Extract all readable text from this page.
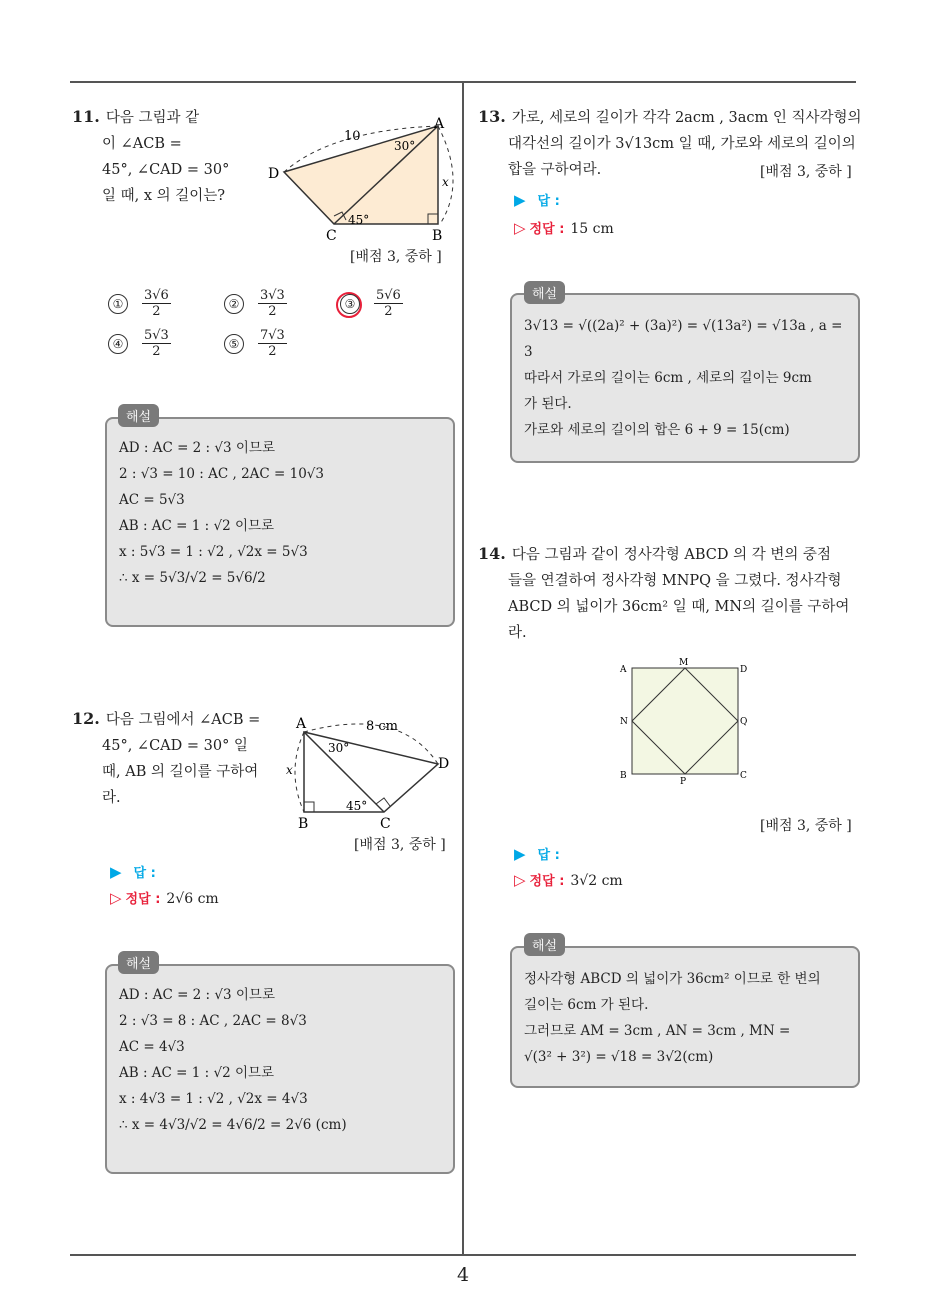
4
11. 다음 그림과 같
이 ∠ACB =
45°, ∠CAD = 30°
일 때, x 의 길이는?
A
B
C
D
10
x
30°
45°
[배점 3, 중하 ]
① $\frac{3√6}{2}$	② $\frac{3√3}{2}$	③ $\frac{5√6}{2}$
④ $\frac{5√3}{2}$	⑤ $\frac{7√3}{2}$
AD : AC = 2 : √3 이므로
2 : √3 = 10 : AC , 2AC = 10√3
AC = 5√3
AB : AC = 1 : √2 이므로
x : 5√3 = 1 : √2 , √2x = 5√3
∴ x = 5√3/√2 = 5√6/2
해설
12. 다음 그림에서 ∠ACB =
45°, ∠CAD = 30° 일
때, AB 의 길이를 구하여
라.
A
B	C
D
8 cm
x
30°
45°
[배점 3, 중하 ]
▶ 답 :
▷ 정답 : 2√6 cm
AD : AC = 2 : √3 이므로
2 : √3 = 8 : AC , 2AC = 8√3
AC = 4√3
AB : AC = 1 : √2 이므로
x : 4√3 = 1 : √2 , √2x = 4√3
∴ x = 4√3/√2 = 4√6/2 = 2√6 (cm)
해설
13. 가로, 세로의 길이가 각각 2acm , 3acm 인 직사각형의
대각선의 길이가 3√13cm 일 때, 가로와 세로의 길이의
합을 구하여라.	[배점 3, 중하 ]
▶ 답 :
▷ 정답 : 15 cm
3√13 = √((2a)² + (3a)²) = √(13a²) = √13a , a =
3
따라서 가로의 길이는 6cm , 세로의 길이는 9cm
가 된다.
가로와 세로의 길이의 합은 6 + 9 = 15(cm)
해설
14. 다음 그림과 같이 정사각형 ABCD 의 각 변의 중점
들을 연결하여 정사각형 MNPQ 을 그렸다. 정사각형
ABCD 의 넓이가 36cm² 일 때, MN의 길이를 구하여
라.
A
M
D
N	Q
B
P
C
[배점 3, 중하 ]
▶ 답 :
▷ 정답 : 3√2 cm
정사각형 ABCD 의 넓이가 36cm² 이므로 한 변의
길이는 6cm 가 된다.
그러므로 AM = 3cm , AN = 3cm , MN =
√(3² + 3²) = √18 = 3√2(cm)
해설
